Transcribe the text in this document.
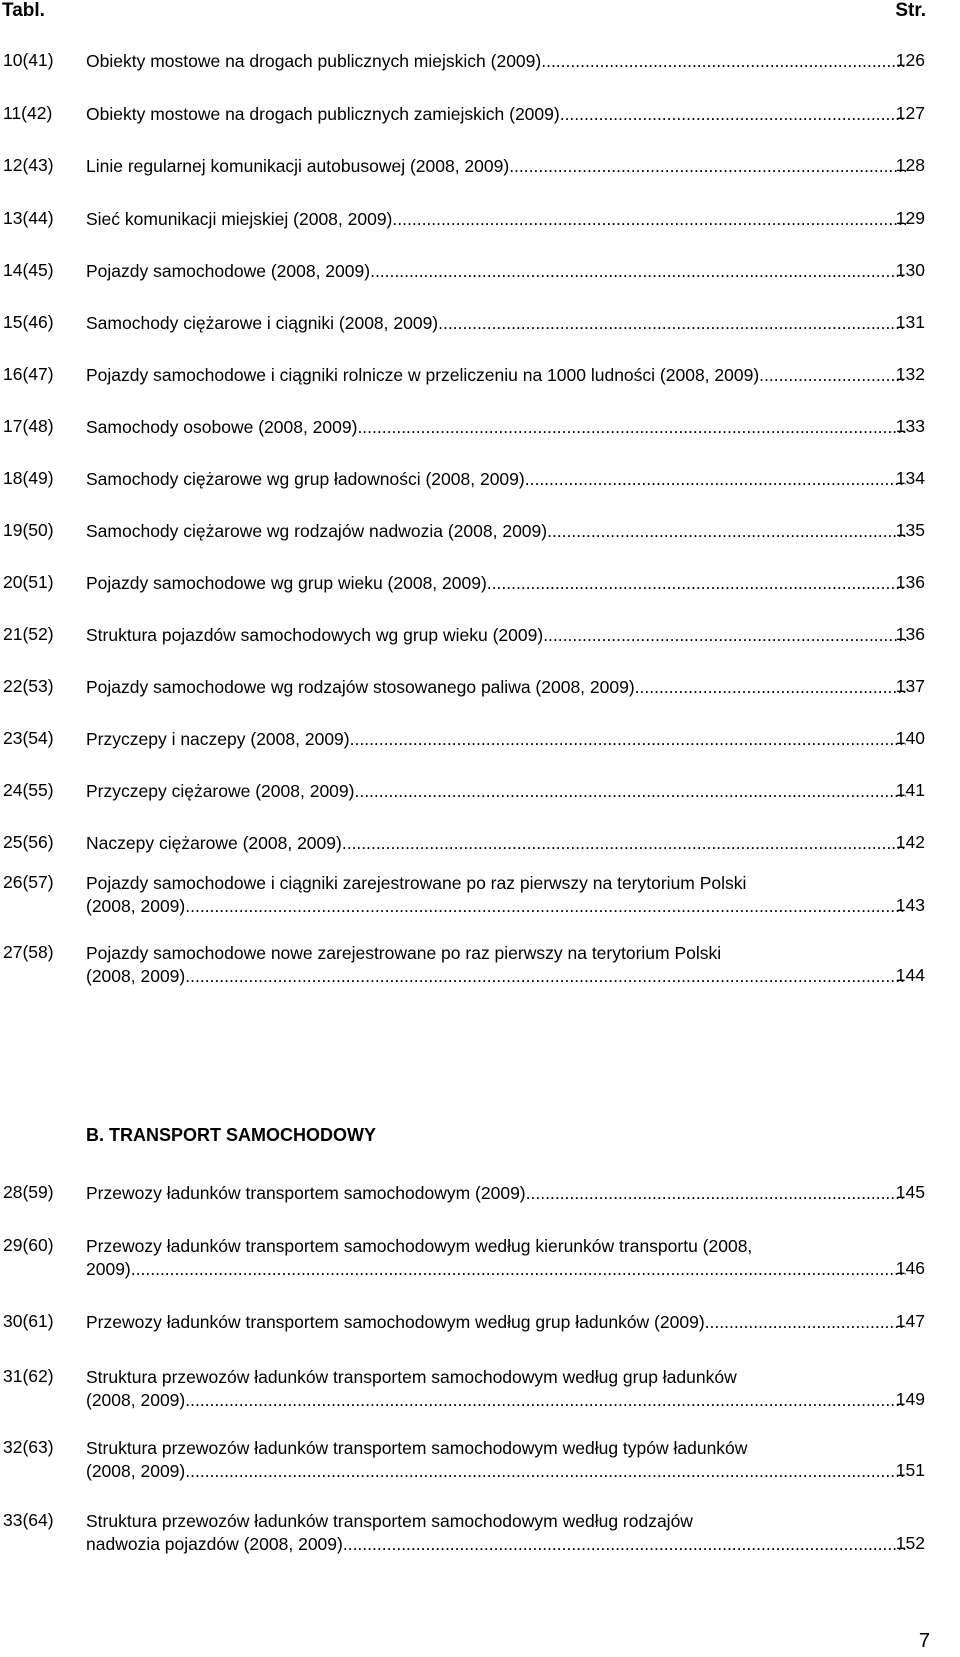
Tabl.	Str.
10(41) Obiekty mostowe na drogach publicznych miejskich (2009) .....	126
11(42) Obiekty mostowe na drogach publicznych zamiejskich (2009) .....	127
12(43) Linie regularnej komunikacji autobusowej (2008, 2009) .....	128
13(44) Sieć komunikacji miejskiej (2008, 2009) .....	129
14(45) Pojazdy samochodowe (2008, 2009) .....	130
15(46) Samochody ciężarowe i ciągniki (2008, 2009) .....	131
16(47) Pojazdy samochodowe i ciągniki rolnicze w przeliczeniu na 1000 ludności (2008, 2009) .....	132
17(48) Samochody osobowe (2008, 2009) .....	133
18(49) Samochody ciężarowe wg grup ładowności (2008, 2009) .....	134
19(50) Samochody ciężarowe wg rodzajów nadwozia (2008, 2009) .....	135
20(51) Pojazdy samochodowe wg grup wieku (2008, 2009) .....	136
21(52) Struktura pojazdów samochodowych wg grup wieku (2009) .....	136
22(53) Pojazdy samochodowe wg rodzajów stosowanego paliwa (2008, 2009) .....	137
23(54) Przyczepy i naczepy (2008, 2009) .....	140
24(55) Przyczepy ciężarowe (2008, 2009) .....	141
25(56) Naczepy ciężarowe (2008, 2009) .....	142
26(57) Pojazdy samochodowe i ciągniki zarejestrowane po raz pierwszy na terytorium Polski
(2008, 2009) .....	143
27(58) Pojazdy samochodowe nowe zarejestrowane po raz pierwszy na terytorium Polski
(2008, 2009) .....	144
B. TRANSPORT SAMOCHODOWY
28(59) Przewozy ładunków transportem samochodowym (2009) .....	145
29(60) Przewozy ładunków transportem samochodowym według kierunków transportu (2008,
2009) .....	146
30(61) Przewozy ładunków transportem samochodowym według grup ładunków (2009) .....	147
31(62) Struktura przewozów ładunków transportem samochodowym według grup ładunków
(2008, 2009) .....	149
32(63) Struktura przewozów ładunków transportem samochodowym według typów ładunków
(2008, 2009) .....	151
33(64) Struktura przewozów ładunków transportem samochodowym według rodzajów
nadwozia pojazdów (2008, 2009) .....	152
7
